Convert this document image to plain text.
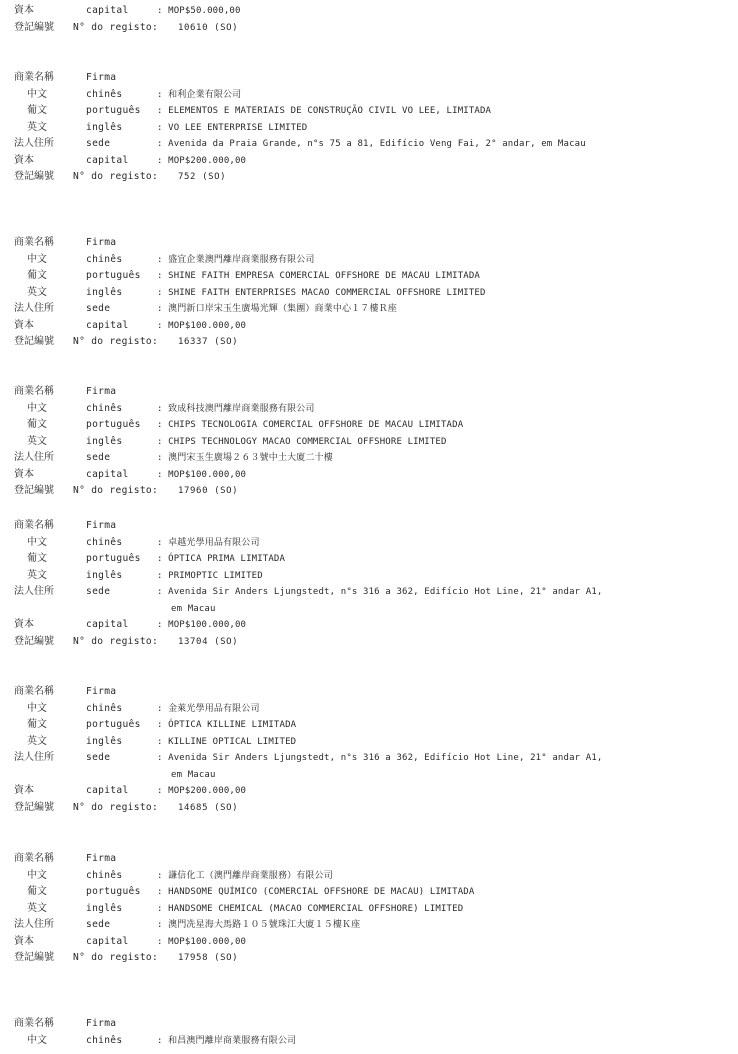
資本	capital	: MOP$50.000,00
登記編號 N° do registo: 10610 (SO)
商業名稱	Firma
中文	chinês	: 和利企業有限公司
葡文	português : ELEMENTOS E MATERIAIS DE CONSTRUÇÃO CIVIL VO LEE, LIMITADA
英文	inglês	: VO LEE ENTERPRISE LIMITED
法人住所	sede	: Avenida da Praia Grande, n°s 75 a 81, Edifício Veng Fai, 2° andar, em Macau
資本	capital	: MOP$200.000,00
登記編號 N° do registo: 752 (SO)
商業名稱	Firma
中文	chinês	: 盛宜企業澳門離岸商業服務有限公司
葡文	português : SHINE FAITH EMPRESA COMERCIAL OFFSHORE DE MACAU LIMITADA
英文	inglês	: SHINE FAITH ENTERPRISES MACAO COMMERCIAL OFFSHORE LIMITED
法人住所	sede	: 澳門新口岸宋玉生廣場光輝（集團）商業中心１７樓Ｒ座
資本	capital	: MOP$100.000,00
登記編號 N° do registo: 16337 (SO)
商業名稱	Firma
中文	chinês	: 致成科技澳門離岸商業服務有限公司
葡文	português : CHIPS TECNOLOGIA COMERCIAL OFFSHORE DE MACAU LIMITADA
英文	inglês	: CHIPS TECHNOLOGY MACAO COMMERCIAL OFFSHORE LIMITED
法人住所	sede	: 澳門宋玉生廣場２６３號中土大廈二十樓
資本	capital	: MOP$100.000,00
登記編號 N° do registo: 17960 (SO)
商業名稱	Firma
中文	chinês	: 卓越光學用品有限公司
葡文	português : ÓPTICA PRIMA LIMITADA
英文	inglês	: PRIMOPTIC LIMITED
法人住所	sede	: Avenida Sir Anders Ljungstedt, n°s 316 a 362, Edifício Hot Line, 21° andar A1,
em Macau
資本	capital	: MOP$100.000,00
登記編號 N° do registo: 13704 (SO)
商業名稱	Firma
中文	chinês	: 金萊光學用品有限公司
葡文	português : ÓPTICA KILLINE LIMITADA
英文	inglês	: KILLINE OPTICAL LIMITED
法人住所	sede	: Avenida Sir Anders Ljungstedt, n°s 316 a 362, Edifício Hot Line, 21° andar A1,
em Macau
資本	capital	: MOP$200.000,00
登記編號 N° do registo: 14685 (SO)
商業名稱	Firma
中文	chinês	: 謙信化工（澳門離岸商業服務）有限公司
葡文	português : HANDSOME QUÍMICO (COMERCIAL OFFSHORE DE MACAU) LIMITADA
英文	inglês	: HANDSOME CHEMICAL (MACAO COMMERCIAL OFFSHORE) LIMITED
法人住所	sede	: 澳門冼星海大馬路１０５號珠江大廈１５樓Ｋ座
資本	capital	: MOP$100.000,00
登記編號 N° do registo: 17958 (SO)
商業名稱	Firma
中文	chinês	: 和昌澳門離岸商業服務有限公司
